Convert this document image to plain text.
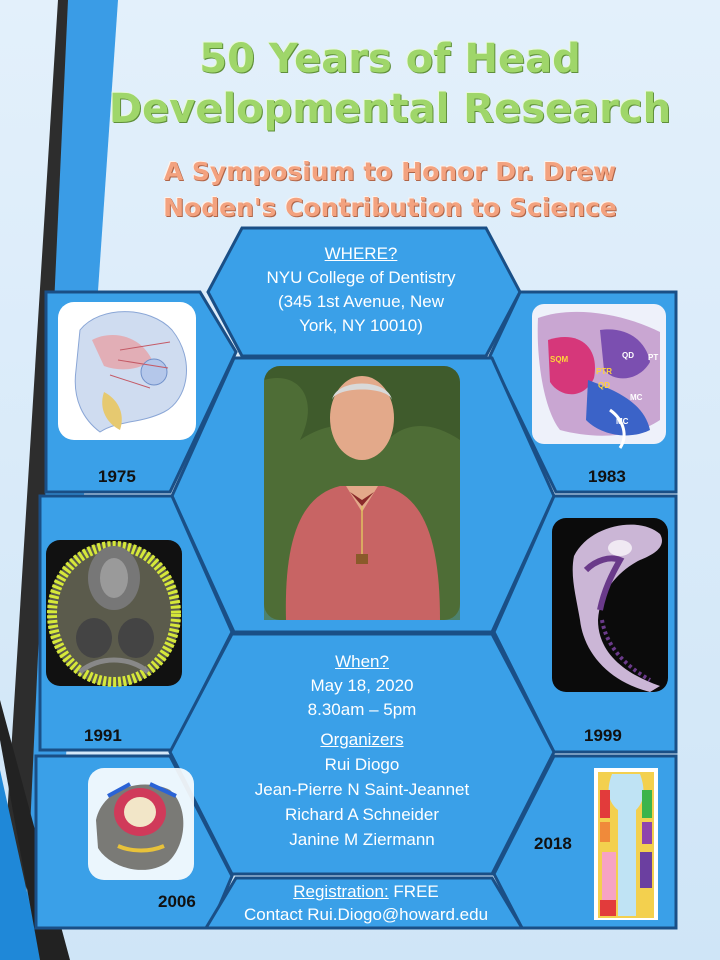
SQM	QD PT
PTR
QD
MC
MC
50 Years of Head
Developmental Research
A Symposium to Honor Dr. Drew
Noden's Contribution to Science
WHERE?
NYU College of Dentistry
(345 1st Avenue, New
York, NY 10010)
When?
May 18, 2020
8.30am – 5pm
Organizers
Rui Diogo
Jean-Pierre N Saint-Jeannet
Richard A Schneider
Janine M Ziermann
Registration: FREE
Contact Rui.Diogo@howard.edu
1975	1983
1991	1999
2006
2018
